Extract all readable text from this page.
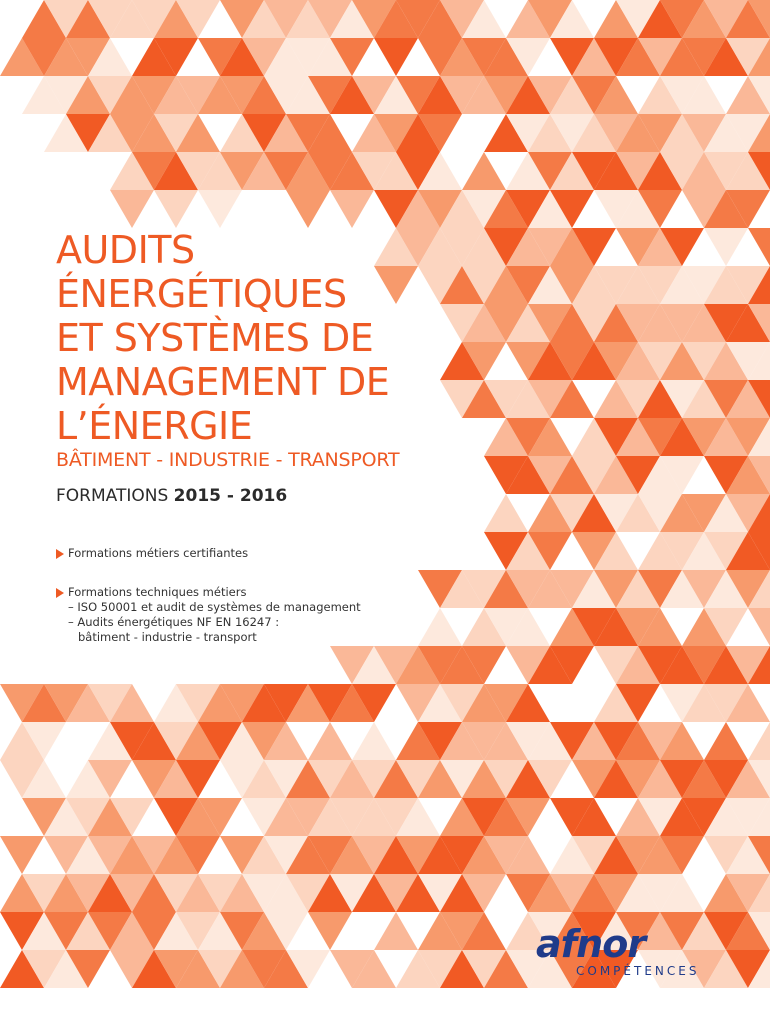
AUDITS
ÉNERGÉTIQUES
ET SYSTÈMES DE
MANAGEMENT DE
L’ÉNERGIE
BÂTIMENT - INDUSTRIE - TRANSPORT
FORMATIONS 2015 - 2016
Formations métiers certifiantes
Formations techniques métiers
– ISO 50001 et audit de systèmes de management
– Audits énergétiques NF EN 16247 :
bâtiment - industrie - transport
afnor
COMPÉTENCES
